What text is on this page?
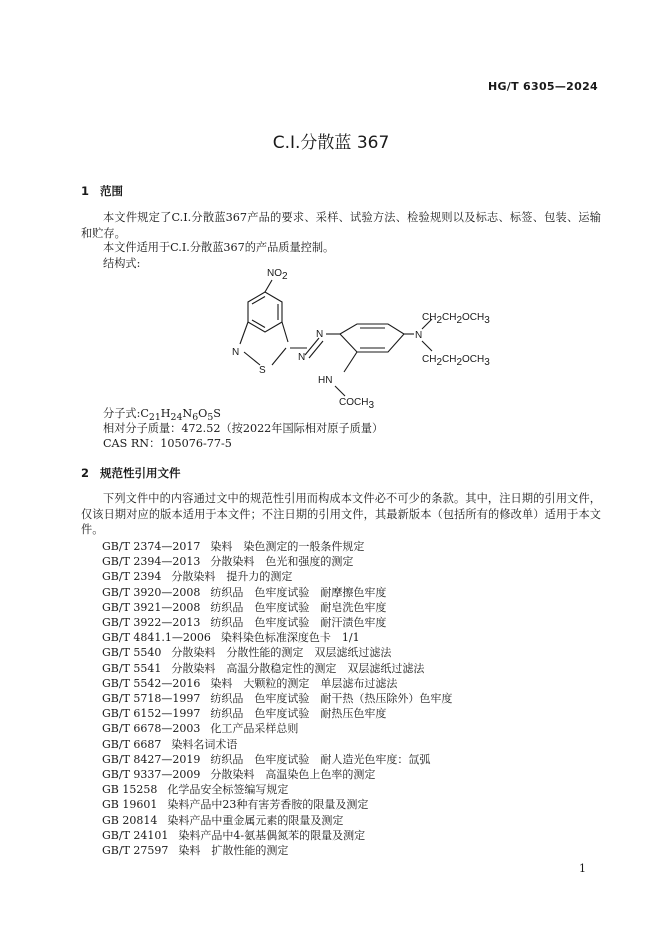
HG/T 6305—2024
C.I.分散蓝 367
1 范围
本文件规定了C.I.分散蓝367产品的要求、采样、试验方法、检验规则以及标志、标签、包装、运输和贮存。
本文件适用于C.I.分散蓝367的产品质量控制。
结构式:
NO2
N
S
N
N
HN
COCH3
N
CH2CH2OCH3
CH2CH2OCH3
分子式$:C_{21}H_{24}N_6O_5S$
相对分子质量：472.52（按2022年国际相对原子质量）
CAS RN：105076-77-5
2 规范性引用文件
下列文件中的内容通过文中的规范性引用而构成本文件必不可少的条款。其中，注日期的引用文件，仅该日期对应的版本适用于本文件；不注日期的引用文件，其最新版本（包括所有的修改单）适用于本文件。
GB/T 2374—2017 染料　染色测定的一般条件规定
GB/T 2394—2013 分散染料　色光和强度的测定
GB/T 2394 分散染料　提升力的测定
GB/T 3920—2008 纺织品　色牢度试验　耐摩擦色牢度
GB/T 3921—2008 纺织品　色牢度试验　耐皂洗色牢度
GB/T 3922—2013 纺织品　色牢度试验　耐汗渍色牢度
GB/T 4841.1—2006 染料染色标准深度色卡　1/1
GB/T 5540 分散染料　分散性能的测定　双层滤纸过滤法
GB/T 5541 分散染料　高温分散稳定性的测定　双层滤纸过滤法
GB/T 5542—2016 染料　大颗粒的测定　单层滤布过滤法
GB/T 5718—1997 纺织品　色牢度试验　耐干热（热压除外）色牢度
GB/T 6152—1997 纺织品　色牢度试验　耐热压色牢度
GB/T 6678—2003 化工产品采样总则
GB/T 6687 染料名词术语
GB/T 8427—2019 纺织品　色牢度试验　耐人造光色牢度：氙弧
GB/T 9337—2009 分散染料　高温染色上色率的测定
GB 15258 化学品安全标签编写规定
GB 19601 染料产品中23种有害芳香胺的限量及测定
GB 20814 染料产品中重金属元素的限量及测定
GB/T 24101 染料产品中4-氨基偶氮苯的限量及测定
GB/T 27597 染料　扩散性能的测定
1
